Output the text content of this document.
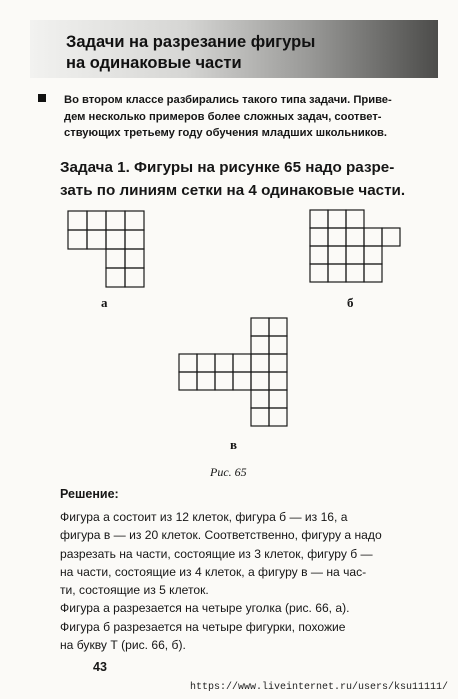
Задачи на разрезание фигуры
на одинаковые части
Во втором классе разбирались такого типа задачи. Приве-
дем несколько примеров более сложных задач, соответ-
ствующих третьему году обучения младших школьников.
Задача 1. Фигуры на рисунке 65 надо разре-
зать по линиям сетки на 4 одинаковые части.
а	б
в
Рис. 65
Решение:
Фигура а состоит из 12 клеток, фигура б — из 16, а
фигура в — из 20 клеток. Соответственно, фигуру а надо
разрезать на части, состоящие из 3 клеток, фигуру б —
на части, состоящие из 4 клеток, а фигуру в — на час-
ти, состоящие из 5 клеток.
Фигура а разрезается на четыре уголка (рис. 66, а).
Фигура б разрезается на четыре фигурки, похожие
на букву Т (рис. 66, б).
43
https://www.liveinternet.ru/users/ksu11111/
